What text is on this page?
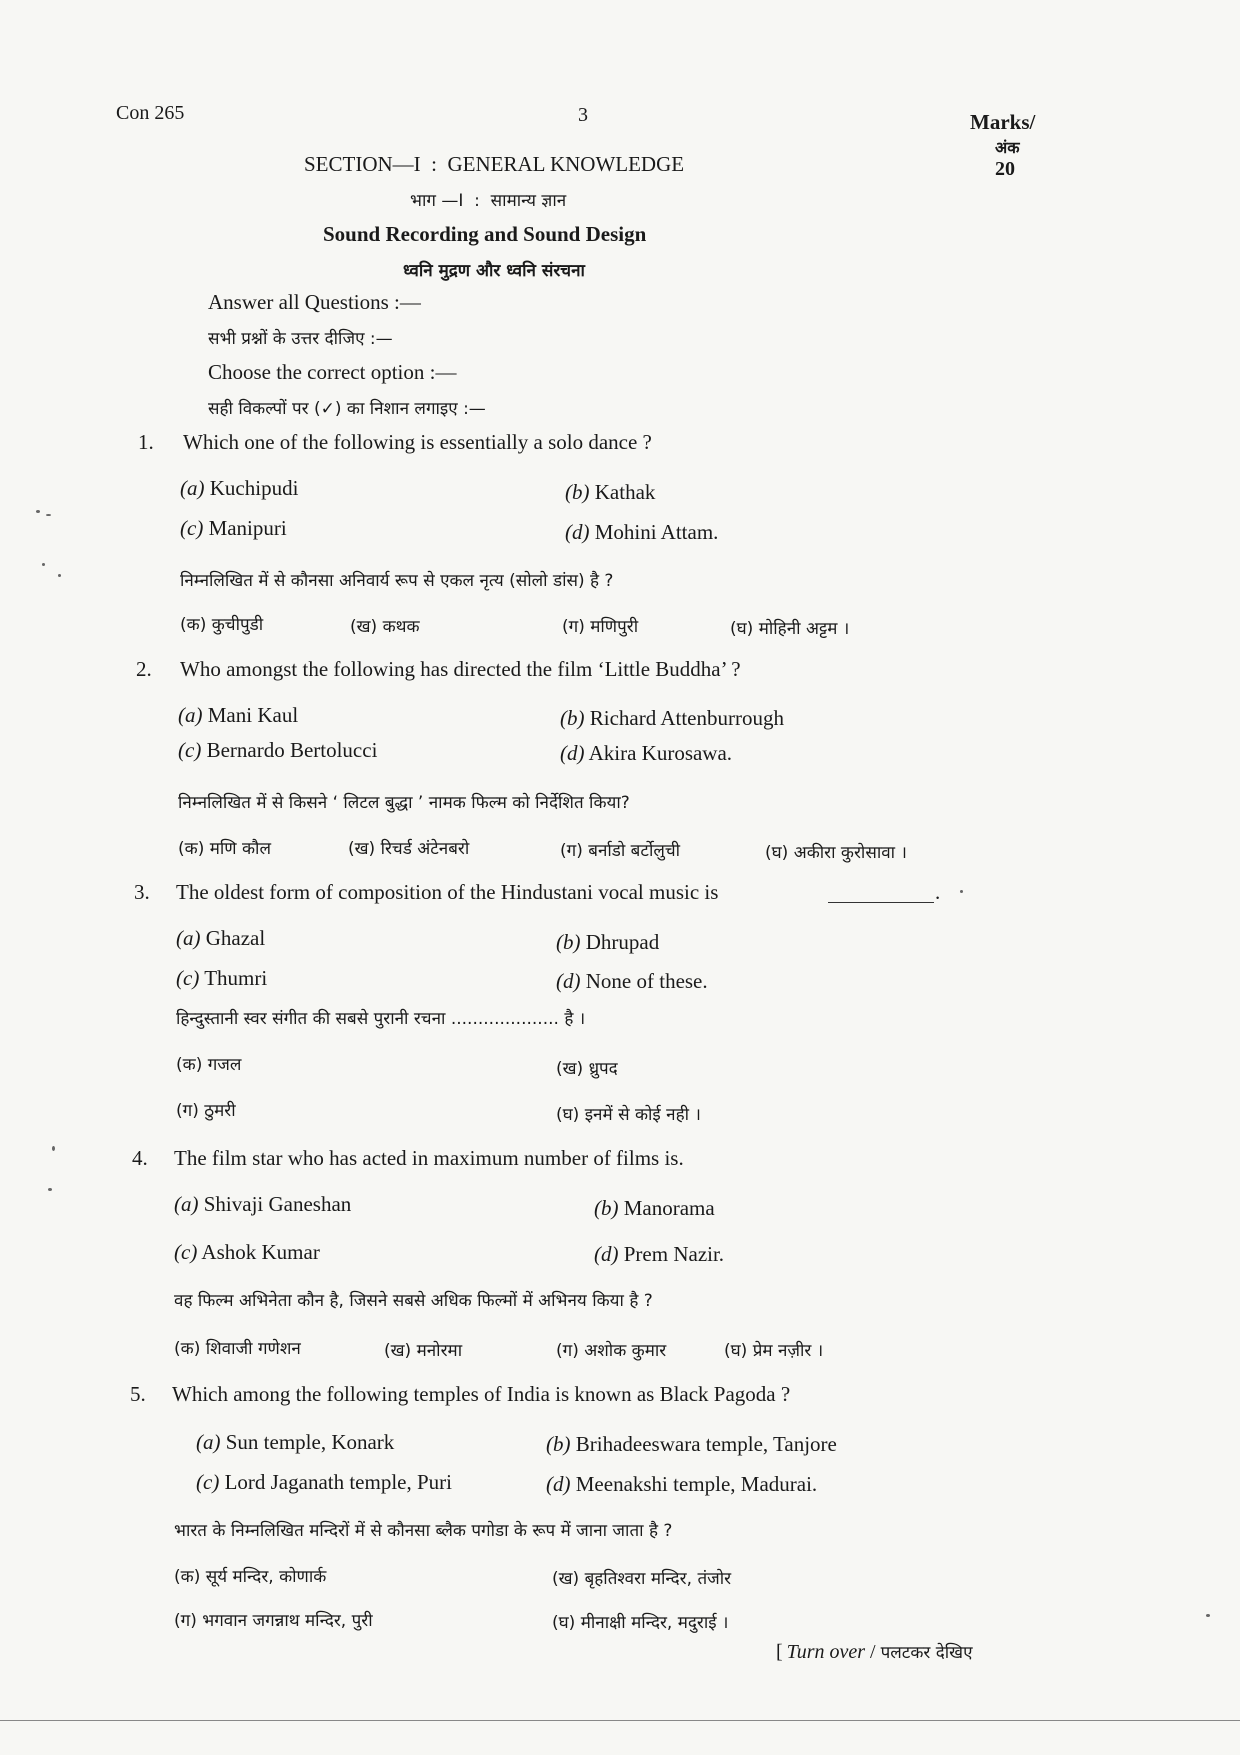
Con 265	3	Marks/
अंक
20
SECTION—I  :  GENERAL KNOWLEDGE
भाग —I  :  सामान्य ज्ञान
Sound Recording and Sound Design
ध्वनि मुद्रण और ध्वनि संरचना
Answer all Questions :—
सभी प्रश्नों के उत्तर दीजिए :—
Choose the correct option :—
सही विकल्पों पर (✓) का निशान लगाइए :—
1. Which one of the following is essentially a solo dance ?
(a) Kuchipudi	(b) Kathak
(c) Manipuri	(d) Mohini Attam.
निम्नलिखित में से कौनसा अनिवार्य रूप से एकल नृत्य (सोलो डांस) है ?
(क) कुचीपुडी	(ख) कथक	(ग) मणिपुरी	(घ) मोहिनी अट्टम ।
2. Who amongst the following has directed the film ‘Little Buddha’ ?
(a) Mani Kaul	(b) Richard Attenburrough
(c) Bernardo Bertolucci	(d) Akira Kurosawa.
निम्नलिखित में से किसने ‘ लिटल बुद्धा ’ नामक फिल्म को निर्देशित किया?
(क) मणि कौल	(ख) रिचर्ड अंटेनबरो	(ग) बर्नाडो बर्टोलुची	(घ) अकीरा कुरोसावा ।
3. The oldest form of composition of the Hindustani vocal music is	.
(a) Ghazal	(b) Dhrupad
(c) Thumri	(d) None of these.
हिन्दुस्तानी स्वर संगीत की सबसे पुरानी रचना .................... है ।
(क) गजल	(ख) ध्रुपद
(ग) ठुमरी	(घ) इनमें से कोई नही ।
4. The film star who has acted in maximum number of films is.
(a) Shivaji Ganeshan	(b) Manorama
(c) Ashok Kumar	(d) Prem Nazir.
वह फिल्म अभिनेता कौन है, जिसने सबसे अधिक फिल्मों में अभिनय किया है ?
(क) शिवाजी गणेशन	(ख) मनोरमा	(ग) अशोक कुमार	(घ) प्रेम नज़ीर ।
5. Which among the following temples of India is known as Black Pagoda ?
(a) Sun temple, Konark	(b) Brihadeeswara temple, Tanjore
(c) Lord Jaganath temple, Puri	(d) Meenakshi temple, Madurai.
भारत के निम्नलिखित मन्दिरों में से कौनसा ब्लैक पगोडा के रूप में जाना जाता है ?
(क) सूर्य मन्दिर, कोणार्क	(ख) बृहतिश्वरा मन्दिर, तंजोर
(ग) भगवान जगन्नाथ मन्दिर, पुरी	(घ) मीनाक्षी मन्दिर, मदुराई ।
[ Turn over / पलटकर देखिए
